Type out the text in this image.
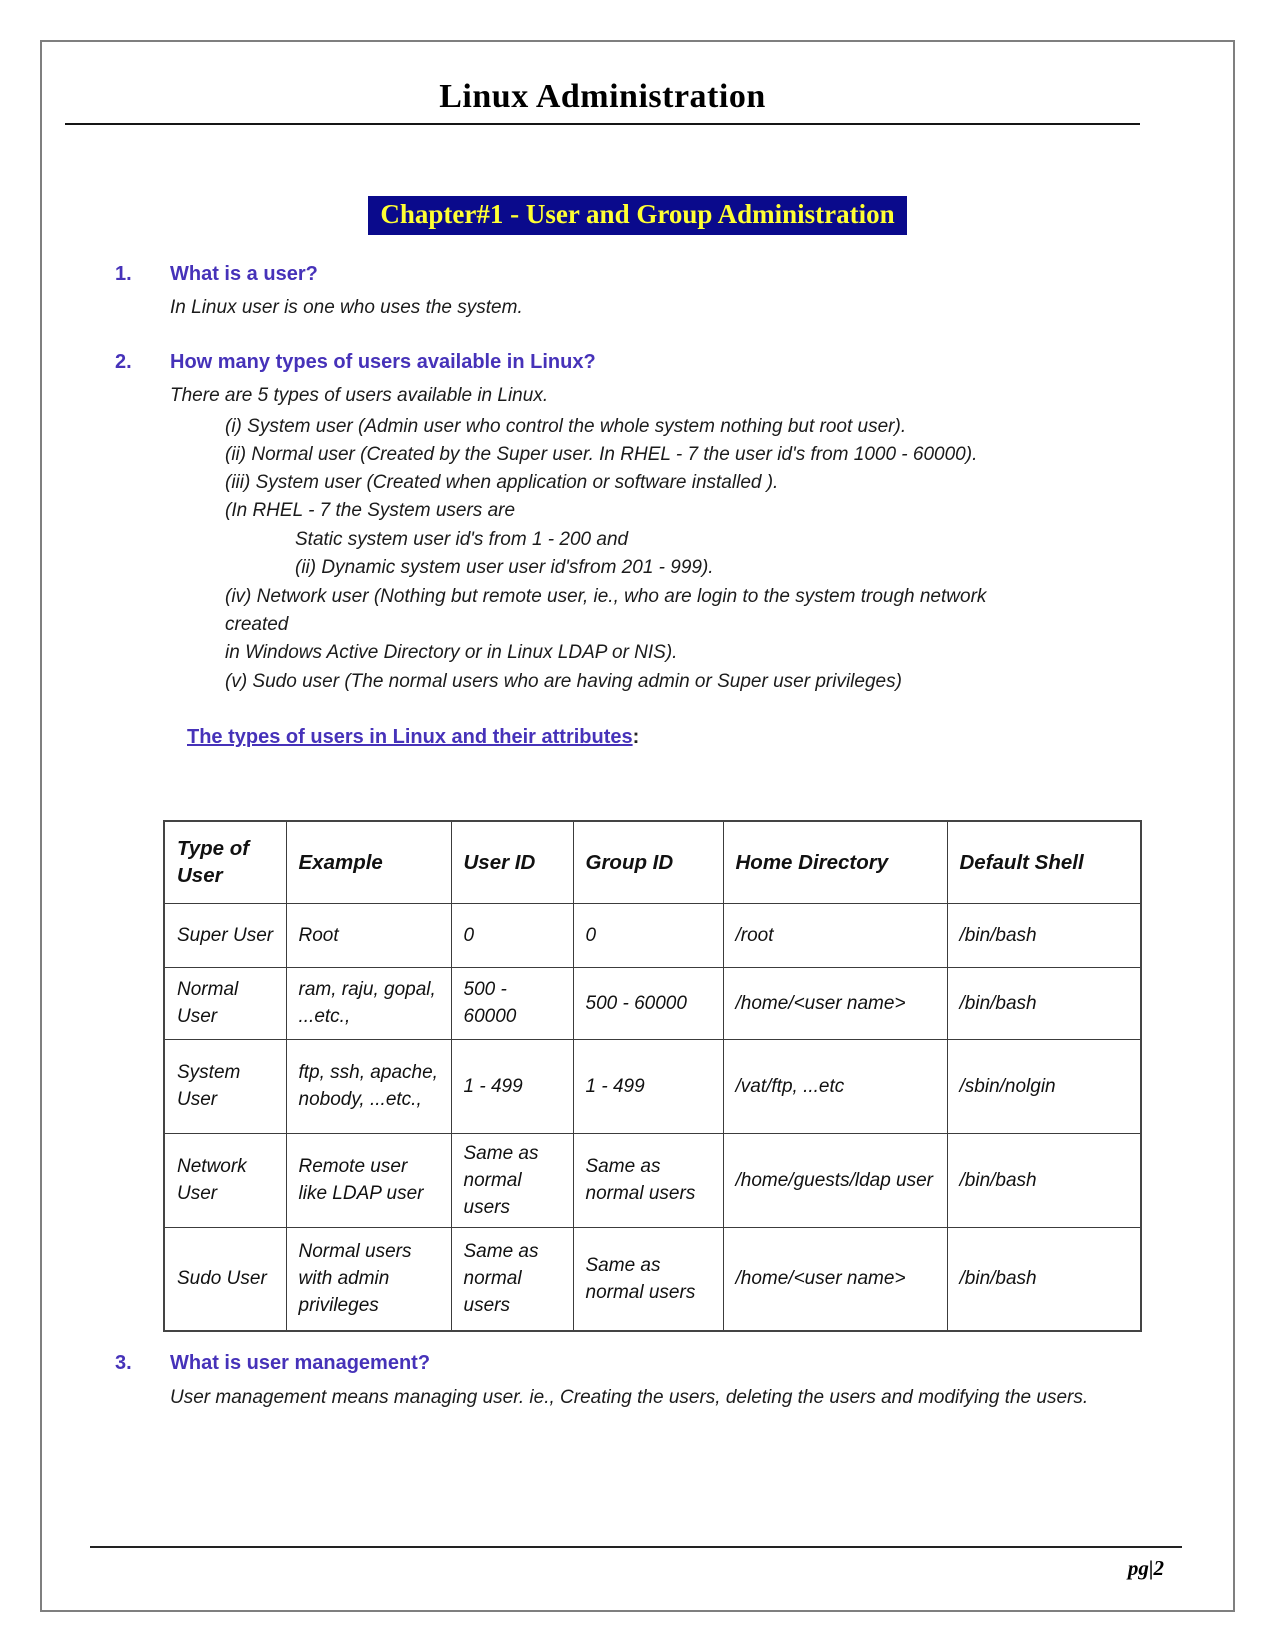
Linux Administration
Chapter#1 - User and Group Administration
1.	What is a user?
In Linux user is one who uses the system.
2.	How many types of users available in Linux?
There are 5 types of users available in Linux.
(i) System user (Admin user who control the whole system nothing but root user).
(ii) Normal user (Created by the Super user. In RHEL - 7 the user id's from 1000 - 60000).
(iii) System user (Created when application or software installed ).
(In RHEL - 7 the System users are
Static system user id's from 1 - 200 and
(ii) Dynamic system user user id'sfrom 201 - 999).
(iv) Network user (Nothing but remote user, ie., who are login to the system trough network
created
in Windows Active Directory or in Linux LDAP or NIS).
(v) Sudo user (The normal users who are having admin or Super user privileges)
The types of users in Linux and their attributes:
Type of User	Example	User ID	Group ID	Home Directory	Default Shell
Super User	Root	0	0	/root	/bin/bash
Normal User	ram, raju, gopal, ...etc.,	500 - 60000	500 - 60000	/home/<user name>	/bin/bash
System User	ftp, ssh, apache, nobody, ...etc.,	1 - 499	1 - 499	/vat/ftp, ...etc	/sbin/nolgin
Network User	Remote user like LDAP user	Same as normal users	Same as normal users	/home/guests/ldap user	/bin/bash
Sudo User	Normal users with admin privileges	Same as normal users	Same as normal users	/home/<user name>	/bin/bash
3.	What is user management?
User management means managing user. ie., Creating the users, deleting the users and modifying the users.
pg|2
